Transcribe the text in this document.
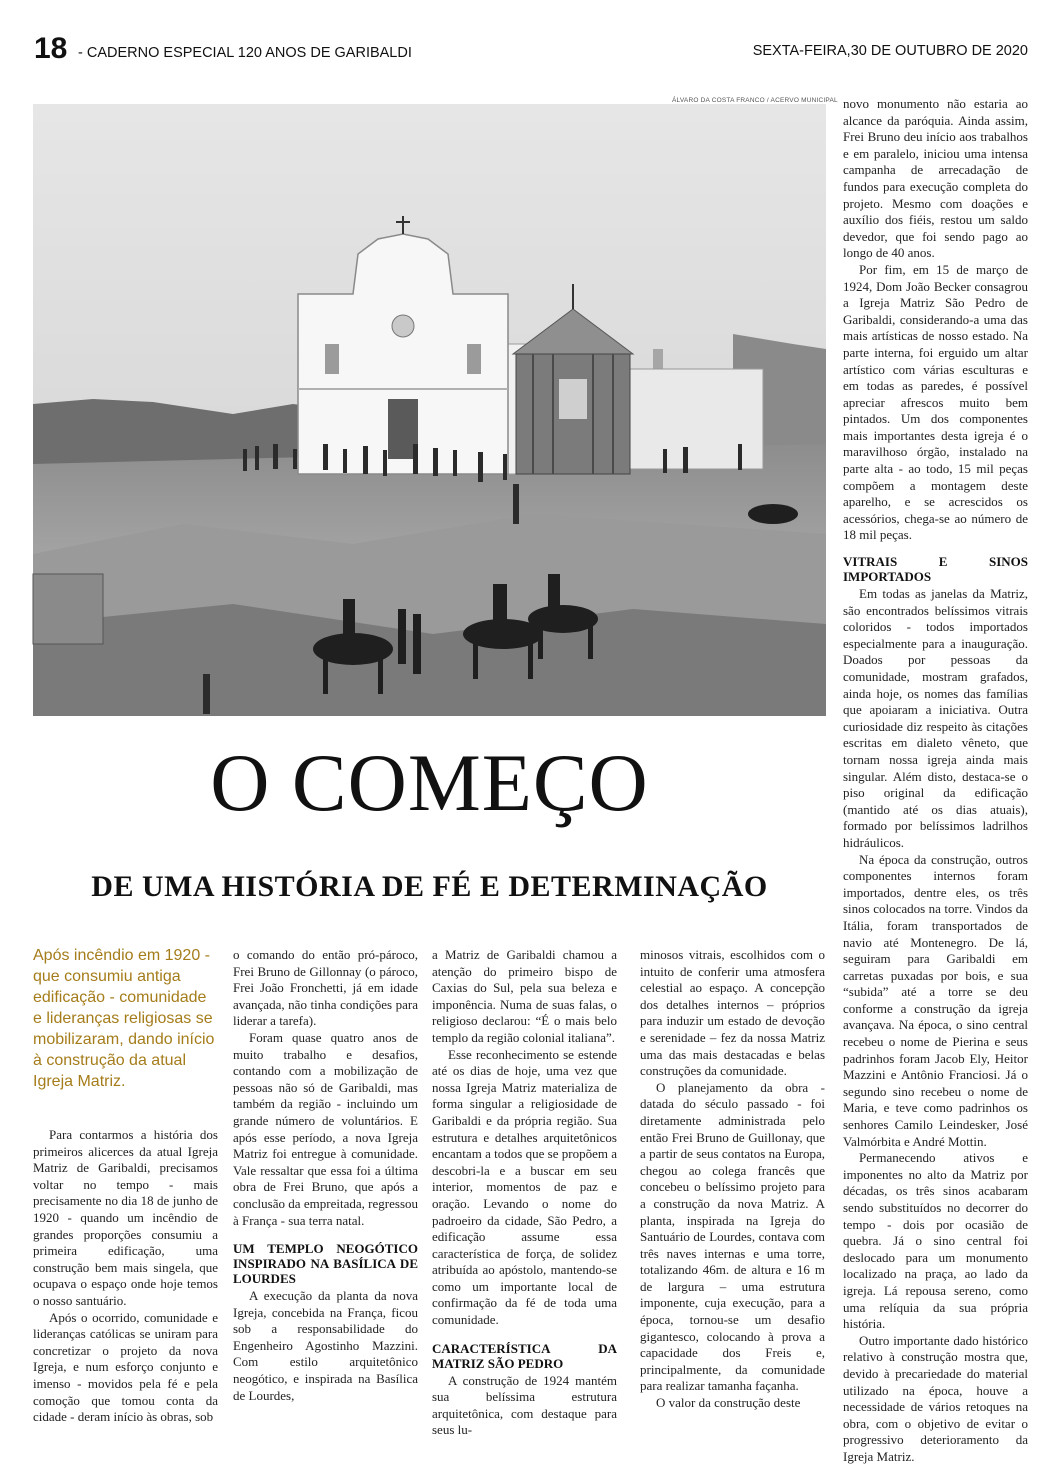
18 - CADERNO ESPECIAL 120 ANOS DE GARIBALDI	SEXTA-FEIRA,30 DE OUTUBRO DE 2020
ÁLVARO DA COSTA FRANCO / ACERVO MUNICIPAL
O COMEÇO
DE UMA HISTÓRIA DE FÉ E DETERMINAÇÃO
Após incêndio em 1920 - que consumiu antiga edificação - comunidade e lideranças religiosas se mobilizaram, dando início à construção da atual Igreja Matriz.

Para contarmos a história dos primeiros alicerces da atual Igreja Matriz de Garibaldi, precisamos voltar no tempo - mais precisamente no dia 18 de junho de 1920 - quando um incêndio de grandes proporções consumiu a primeira edificação, uma construção bem mais singela, que ocupava o espaço onde hoje temos o nosso santuário.

Após o ocorrido, comunidade e lideranças católicas se uniram para concretizar o projeto da nova Igreja, e num esforço conjunto e imenso - movidos pela fé e pela comoção que tomou conta da cidade - deram início às obras, sob

o comando do então pró-pároco, Frei Bruno de Gillonnay (o pároco, Frei João Fronchetti, já em idade avançada, não tinha condições para liderar a tarefa).

Foram quase quatro anos de muito trabalho e desafios, contando com a mobilização de pessoas não só de Garibaldi, mas também da região - incluindo um grande número de voluntários. E após esse período, a nova Igreja Matriz foi entregue à comunidade. Vale ressaltar que essa foi a última obra de Frei Bruno, que após a conclusão da empreitada, regressou à França - sua terra natal.

UM TEMPLO NEOGÓTICO INSPIRADO NA BASÍLICA DE LOURDES

A execução da planta da nova Igreja, concebida na França, ficou sob a responsabilidade do Engenheiro Agostinho Mazzini. Com estilo arquitetônico neogótico, e inspirada na Basílica de Lourdes,

a Matriz de Garibaldi chamou a atenção do primeiro bispo de Caxias do Sul, pela sua beleza e imponência. Numa de suas falas, o religioso declarou: “É o mais belo templo da região colonial italiana”.

Esse reconhecimento se estende até os dias de hoje, uma vez que nossa Igreja Matriz materializa de forma singular a religiosidade de Garibaldi e da própria região. Sua estrutura e detalhes arquitetônicos encantam a todos que se propõem a descobri-la e a buscar em seu interior, momentos de paz e oração. Levando o nome do padroeiro da cidade, São Pedro, a edificação assume essa característica de força, de solidez atribuída ao apóstolo, mantendo-se como um importante local de confirmação da fé de toda uma comunidade.

CARACTERÍSTICA DA MATRIZ SÃO PEDRO

A construção de 1924 mantém sua belíssima estrutura arquitetônica, com destaque para seus lu-

minosos vitrais, escolhidos com o intuito de conferir uma atmosfera celestial ao espaço. A concepção dos detalhes internos – próprios para induzir um estado de devoção e serenidade – fez da nossa Matriz uma das mais destacadas e belas construções da comunidade.

O planejamento da obra - datada do século passado - foi diretamente administrada pelo então Frei Bruno de Guillonay, que a partir de seus contatos na Europa, chegou ao colega francês que concebeu o belíssimo projeto para a construção da nova Matriz. A planta, inspirada na Igreja do Santuário de Lourdes, contava com três naves internas e uma torre, totalizando 46m. de altura e 16 m de largura – uma estrutura imponente, cuja execução, para a época, tornou-se um desafio gigantesco, colocando à prova a capacidade dos Freis e, principalmente, da comunidade para realizar tamanha façanha.

O valor da construção deste

novo monumento não estaria ao alcance da paróquia. Ainda assim, Frei Bruno deu início aos trabalhos e em paralelo, iniciou uma intensa campanha de arrecadação de fundos para execução completa do projeto. Mesmo com doações e auxílio dos fiéis, restou um saldo devedor, que foi sendo pago ao longo de 40 anos.

Por fim, em 15 de março de 1924, Dom João Becker consagrou a Igreja Matriz São Pedro de Garibaldi, considerando-a uma das mais artísticas de nosso estado. Na parte interna, foi erguido um altar artístico com várias esculturas e em todas as paredes, é possível apreciar afrescos muito bem pintados. Um dos componentes mais importantes desta igreja é o maravilhoso órgão, instalado na parte alta - ao todo, 15 mil peças compõem a montagem deste aparelho, e se acrescidos os acessórios, chega-se ao número de 18 mil peças.

VITRAIS E SINOS IMPORTADOS

Em todas as janelas da Matriz, são encontrados belíssimos vitrais coloridos - todos importados especialmente para a inauguração. Doados por pessoas da comunidade, mostram grafados, ainda hoje, os nomes das famílias que apoiaram a iniciativa. Outra curiosidade diz respeito às citações escritas em dialeto vêneto, que tornam nossa igreja ainda mais singular. Além disto, destaca-se o piso original da edificação (mantido até os dias atuais), formado por belíssimos ladrilhos hidráulicos.

Na época da construção, outros componentes internos foram importados, dentre eles, os três sinos colocados na torre. Vindos da Itália, foram transportados de navio até Montenegro. De lá, seguiram para Garibaldi em carretas puxadas por bois, e sua “subida” até a torre se deu conforme a construção da igreja avançava. Na época, o sino central recebeu o nome de Pierina e seus padrinhos foram Jacob Ely, Heitor Mazzini e Antônio Franciosi. Já o segundo sino recebeu o nome de Maria, e teve como padrinhos os senhores Camilo Leindesker, José Valmórbita e André Mottin.

Permanecendo ativos e imponentes no alto da Matriz por décadas, os três sinos acabaram sendo substituídos no decorrer do tempo - dois por ocasião de quebra. Já o sino central foi deslocado para um monumento localizado na praça, ao lado da igreja. Lá repousa sereno, como uma relíquia da sua própria história.

Outro importante dado histórico relativo à construção mostra que, devido à precariedade do material utilizado na época, houve a necessidade de vários retoques na obra, com o objetivo de evitar o progressivo deterioramento da Igreja Matriz.
